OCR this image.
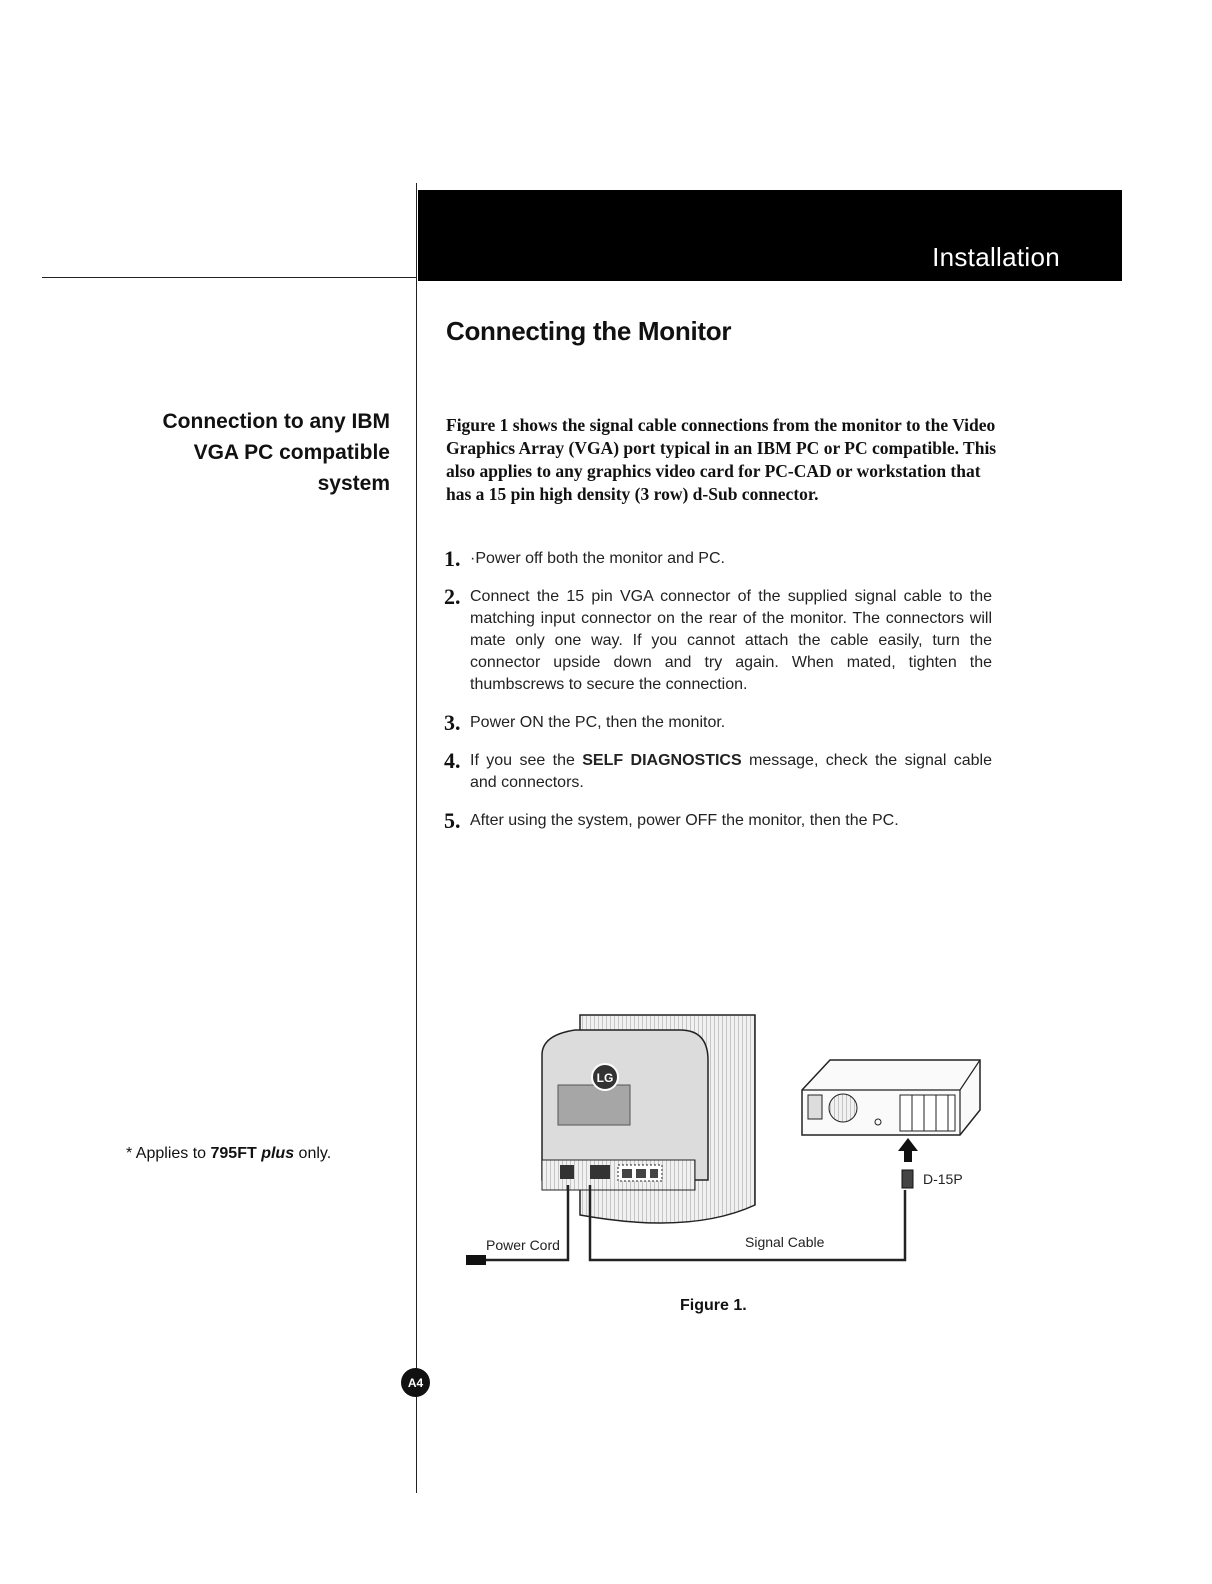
Installation
Connecting the Monitor
Connection to any IBM VGA PC compatible system

Figure 1 shows the signal cable connections from the monitor to the Video Graphics Array (VGA) port typical in an IBM PC or PC compatible. This also applies to any graphics video card for PC-CAD or workstation that has a 15 pin high density (3 row) d-Sub connector.

1. ·Power off both the monitor and PC.
2. Connect the 15 pin VGA connector of the supplied signal cable to the matching input connector on the rear of the monitor. The connectors will mate only one way. If you cannot attach the cable easily, turn the connector upside down and try again. When mated, tighten the thumbscrews to secure the connection.
3. Power ON the PC, then the monitor.
4. If you see the SELF DIAGNOSTICS message, check the signal cable and connectors.
5. After using the system, power OFF the monitor, then the PC.
* Applies to 795FT plus only.
LG
D-15P
Power Cord	Signal Cable
Figure 1.
A4
